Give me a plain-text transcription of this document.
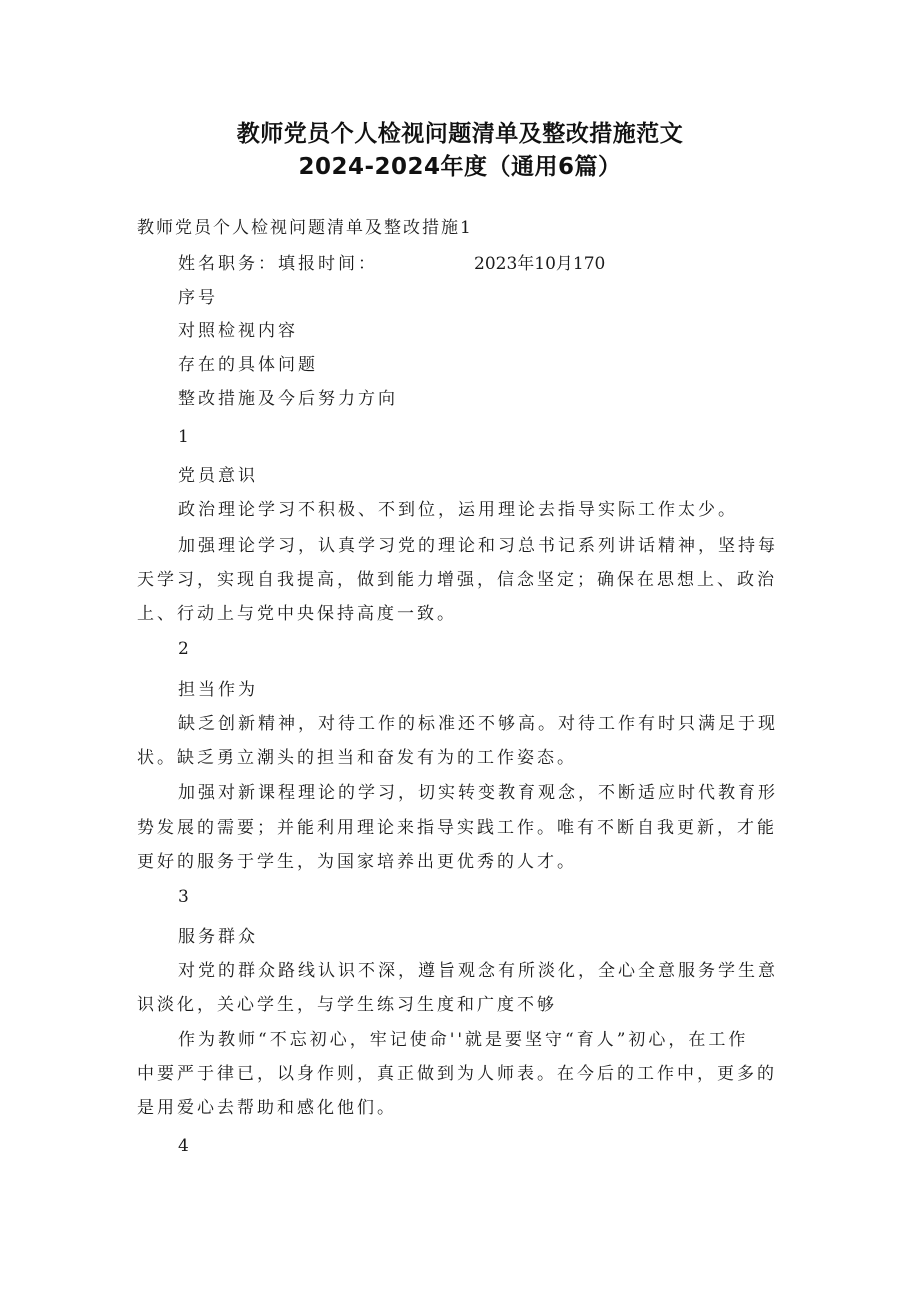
教师党员个人检视问题清单及整改措施范文
2024-2024年度（通用6篇）

教师党员个人检视问题清单及整改措施1

姓名职务：填报时间：	2023年10月170

序号

对照检视内容

存在的具体问题

整改措施及今后努力方向

1

党员意识

政治理论学习不积极、不到位，运用理论去指导实际工作太少。

加强理论学习，认真学习党的理论和习总书记系列讲话精神，坚持每

天学习，实现自我提高，做到能力增强，信念坚定；确保在思想上、政治

上、行动上与党中央保持高度一致。

2

担当作为

缺乏创新精神，对待工作的标准还不够高。对待工作有时只满足于现

状。缺乏勇立潮头的担当和奋发有为的工作姿态。

加强对新课程理论的学习，切实转变教育观念，不断适应时代教育形

势发展的需要；并能利用理论来指导实践工作。唯有不断自我更新，才能

更好的服务于学生，为国家培养出更优秀的人才。

3

服务群众

对党的群众路线认识不深，遵旨观念有所淡化，全心全意服务学生意

识淡化，关心学生，与学生练习生度和广度不够

作为教师“不忘初心，牢记使命''就是要坚守“育人”初心，在工作

中要严于律已，以身作则，真正做到为人师表。在今后的工作中，更多的

是用爱心去帮助和感化他们。

4
